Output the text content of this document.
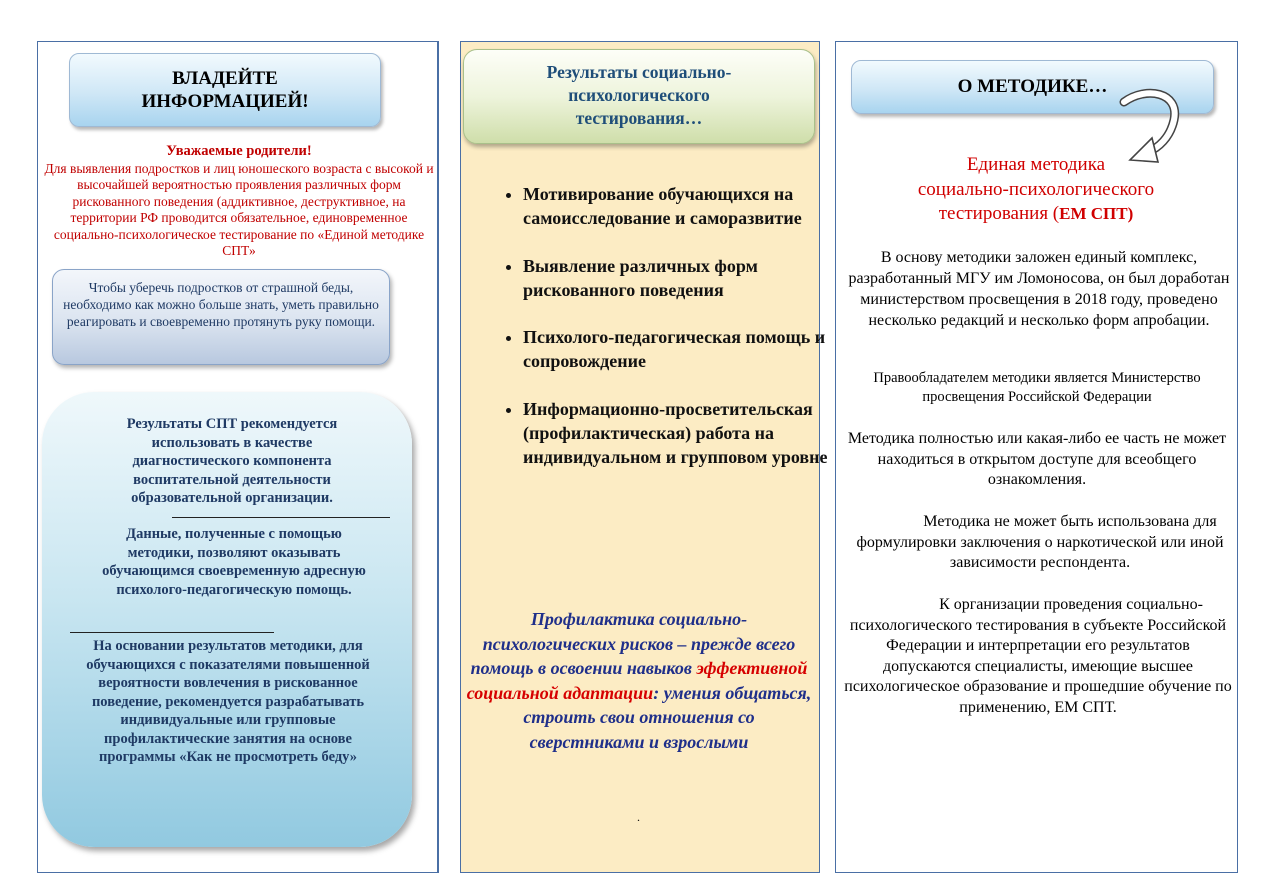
ВЛАДЕЙТЕ
ИНФОРМАЦИЕЙ!
Уважаемые родители!
Для выявления подростков и лиц юношеского возраста с высокой и высочайшей вероятностью проявления различных форм рискованного поведения (аддиктивное, деструктивное, на территории РФ проводится обязательное, единовременное социально-психологическое тестирование по «Единой методике СПТ»
Чтобы уберечь подростков от страшной беды, необходимо как можно больше знать, уметь правильно реагировать и своевременно протянуть руку помощи.
Результаты СПТ рекомендуется использовать в качестве диагностического компонента воспитательной деятельности образовательной организации.
Данные, полученные с помощью методики, позволяют оказывать обучающимся своевременную адресную психолого-педагогическую помощь.
На основании результатов методики, для обучающихся с показателями повышенной вероятности вовлечения в рискованное поведение, рекомендуется разрабатывать индивидуальные или групповые профилактические занятия на основе программы «Как не просмотреть беду»
Результаты социально-
психологического
тестирования…
• Мотивирование обучающихся на самоисследование и саморазвитие
• Выявление различных форм рискованного поведения
• Психолого-педагогическая помощь и сопровождение
• Информационно-просветительская (профилактическая) работа на индивидуальном и групповом уровне
Профилактика социально-психологических рисков – прежде всего помощь в освоении навыков эффективной социальной адаптации: умения общаться, строить свои отношения со сверстниками и взрослыми
.
О МЕТОДИКЕ…
Единая методика
социально-психологического
тестирования (ЕМ СПТ)
В основу методики заложен единый комплекс, разработанный МГУ им Ломоносова, он был доработан министерством просвещения в 2018 году, проведено несколько редакций и несколько форм апробации.
Правообладателем методики является Министерство просвещения Российской Федерации
Методика полностью или какая-либо ее часть не может находиться в открытом доступе для всеобщего ознакомления.
Методика не может быть использована для формулировки заключения о наркотической или иной зависимости респондента.
К организации проведения социально-психологического тестирования в субъекте Российской Федерации и интерпретации его результатов допускаются специалисты, имеющие высшее психологическое образование и прошедшие обучение по применению, ЕМ СПТ.
